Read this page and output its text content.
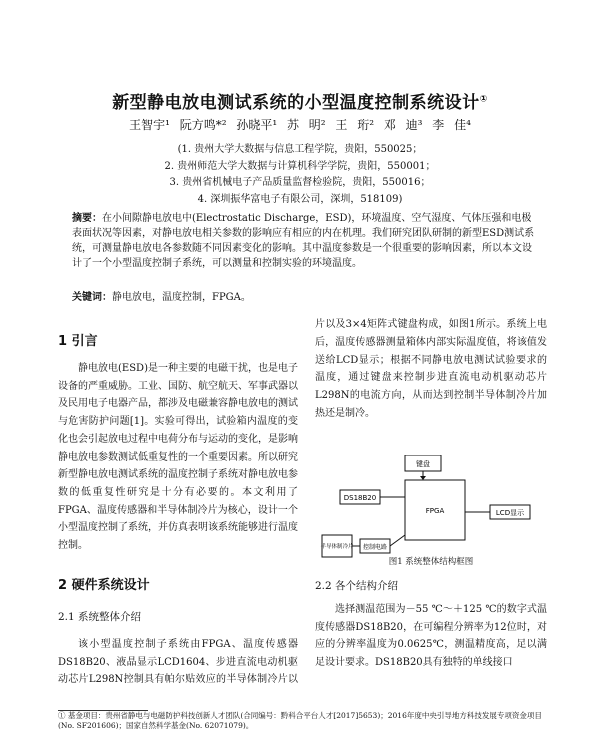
新型静电放电测试系统的小型温度控制系统设计①
王智宇¹ 阮方鸣*² 孙晓平¹ 苏 明² 王 珩² 邓 迪³ 李 佳⁴
(1. 贵州大学大数据与信息工程学院，贵阳，550025；
2. 贵州师范大学大数据与计算机科学学院，贵阳，550001；
3. 贵州省机械电子产品质量监督检验院，贵阳，550016；
4. 深圳振华富电子有限公司，深圳，518109)
摘要：在小间隙静电放电中(Electrostatic Discharge，ESD)，环境温度、空气湿度、气体压强和电极表面状况等因素，对静电放电相关参数的影响应有相应的内在机理。我们研究团队研制的新型ESD测试系统，可测量静电放电各参数随不同因素变化的影响。其中温度参数是一个很重要的影响因素，所以本文设计了一个小型温度控制子系统，可以测量和控制实验的环境温度。
关键词：静电放电，温度控制，FPGA。
1 引言
静电放电(ESD)是一种主要的电磁干扰，也是电子设备的严重威胁。工业、国防、航空航天、军事武器以及民用电子电器产品，都涉及电磁兼容静电放电的测试与危害防护问题[1]。实验可得出，试验箱内温度的变化也会引起放电过程中电荷分布与运动的变化，是影响静电放电参数测试低重复性的一个重要因素。所以研究新型静电放电测试系统的温度控制子系统对静电放电参数的低重复性研究是十分有必要的。本文利用了FPGA、温度传感器和半导体制冷片为核心，设计一个小型温度控制了系统，并仿真表明该系统能够进行温度控制。
2 硬件系统设计
2.1 系统整体介绍
该小型温度控制子系统由FPGA、温度传感器DS18B20、液晶显示LCD1604、步进直流电动机驱动芯片L298N控制具有帕尔贴效应的半导体制冷片以
片以及3×4矩阵式键盘构成，如图1所示。系统上电后，温度传感器测量箱体内部实际温度值，将该值发送给LCD显示；根据不同静电放电测试试验要求的温度，通过键盘来控制步进直流电动机驱动芯片L298N的电流方向，从而达到控制半导体制冷片加热还是制冷。
键盘
FPGA
DS18B20
LCD显示
半导体制冷片 控制电路
图1 系统整体结构框图
2.2 各个结构介绍
选择测温范围为－55 ℃～＋125 ℃的数字式温度传感器DS18B20，在可编程分辨率为12位时，对应的分辨率温度为0.0625℃，测温精度高，足以满足设计要求。DS18B20具有独特的单线接口
① 基金项目：贵州省静电与电磁防护科技创新人才团队(合同编号：黔科合平台人才[2017]5653)；2016年度中央引导地方科技发展专项资金项目(No. SF201606)；国家自然科学基金(No. 62071079)。
